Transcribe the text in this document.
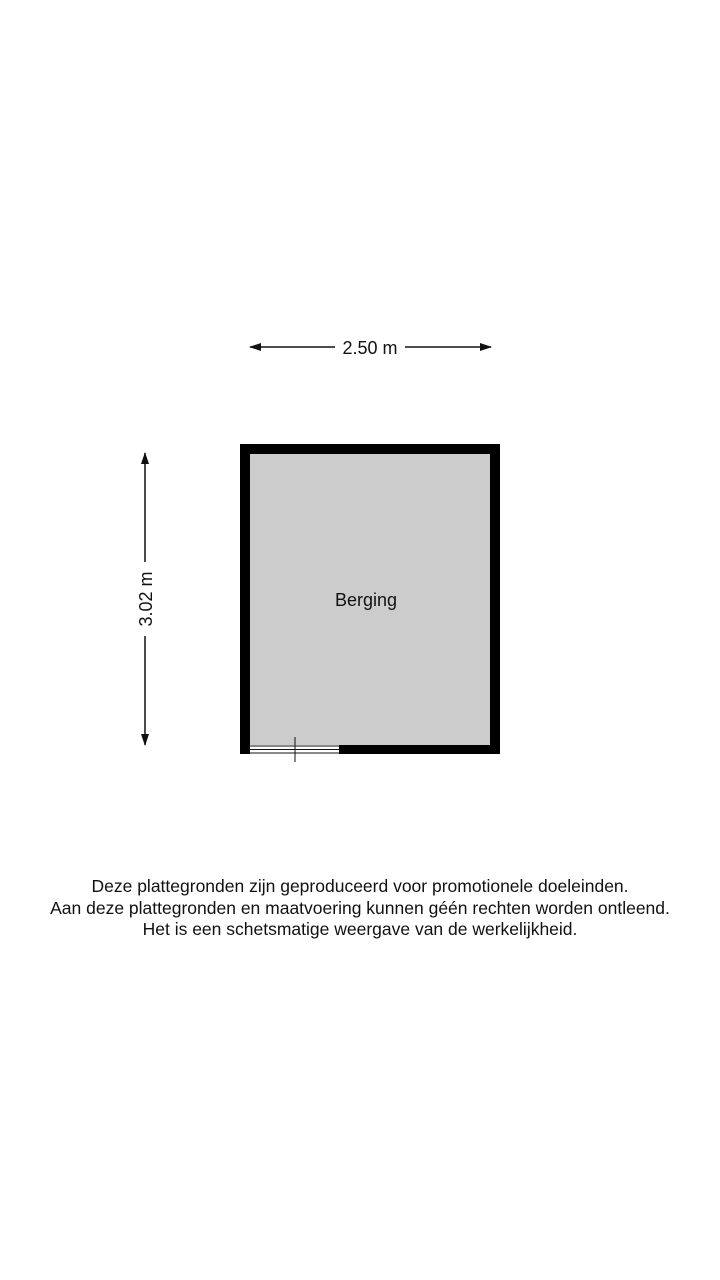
2.50 m
3.02 m	Berging
Deze plattegronden zijn geproduceerd voor promotionele doeleinden.
Aan deze plattegronden en maatvoering kunnen géén rechten worden ontleend.
Het is een schetsmatige weergave van de werkelijkheid.
